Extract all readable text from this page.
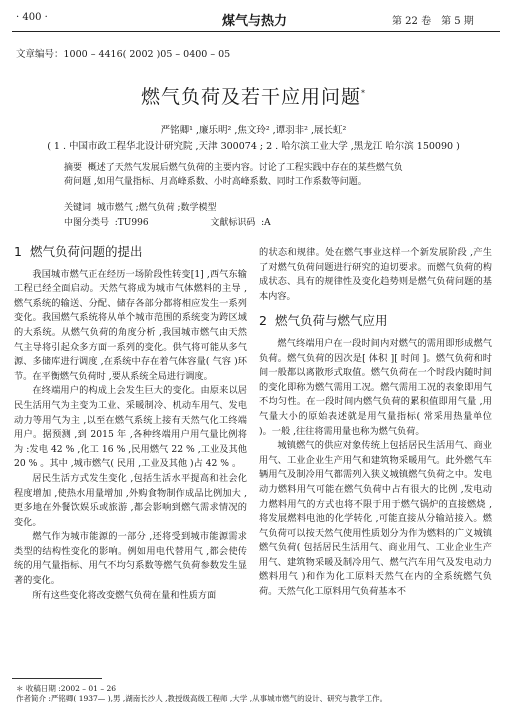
· 400 ·	煤气与热力	第 22 卷　第 5 期
文章编号：1000 – 4416( 2002 )05 – 0400 – 05
燃气负荷及若干应用问题*
严铭卿¹ ,廉乐明² ,焦文玲² ,谭羽非² ,展长虹²
( 1 . 中国市政工程华北设计研究院 ,天津 300074 ; 2 . 哈尔滨工业大学 ,黑龙江 哈尔滨 150090 )

摘要 概述了天然气发展后燃气负荷的主要内容。讨论了工程实践中存在的某些燃气负

荷问题 ,如用气量指标、月高峰系数、小时高峰系数、同时工作系数等问题。

关键词 城市燃气 ;燃气负荷 ;数学模型
中图分类号  :TU996	文献标识码  :A
1 燃气负荷问题的提出

我国城市燃气正在经历一场阶段性转变[1] ,西气东输工程已经全面启动。天然气将成为城市气体燃料的主导 ,燃气系统的输送、分配、储存各部分都将相应发生一系列变化。我国燃气系统将从单个城市范围的系统变为跨区域的大系统。从燃气负荷的角度分析 ,我国城市燃气由天然气主导将引起众多方面一系列的变化。供气将可能从多气源、多储库进行调度 ,在系统中存在着气体容量( 气容 )环节。在平衡燃气负荷时 ,要从系统全局进行调度。

在终端用户的构成上会发生巨大的变化。由原来以居民生活用气为主变为工业、采暖制冷、机动车用气、发电动力等用气为主 ,以至在燃气系统上接有天然气化工终端用户。据预测 ,到 2015 年 ,各种终端用户用气量比例将为 :发电 42 % ,化工 16 % ,民用燃气 22 % ,工业及其他 20 % 。其中 ,城市燃气( 民用 ,工业及其他 )占 42 % 。

居民生活方式发生变化 ,包括生活水平提高和社会化程度增加 ,使热水用量增加 ,外购食物制作成品比例加大 ,更多地在外餐饮娱乐或旅游 ,都会影响到燃气需求情况的变化。

燃气作为城市能源的一部分 ,还将受到城市能源需求类型的结构性变化的影响。例如用电代替用气 ,都会使传统的用气量指标、用气不均匀系数等燃气负荷参数发生显著的变化。

所有这些变化将改变燃气负荷在量和性质方面

的状态和规律。处在燃气事业这样一个新发展阶段 ,产生了对燃气负荷问题进行研究的迫切要求。而燃气负荷的构成状态、具有的规律性及变化趋势则是燃气负荷问题的基本内容。

2 燃气负荷与燃气应用

燃气终端用户在一段时间内对燃气的需用即形成燃气负荷。燃气负荷的因次是[ 体积 ][ 时间 ]。燃气负荷和时间一般都以离散形式取值。燃气负荷在一个时段内随时间的变化即称为燃气需用工况。燃气需用工况的表象即用气不均匀性。在一段时间内燃气负荷的累积值即用气量 ,用气量大小的原始表述就是用气量指标( 常采用热量单位 )。一般 ,往往将需用量也称为燃气负荷。

城镇燃气的供应对象传统上包括居民生活用气、商业用气、工业企业生产用气和建筑物采暖用气。此外燃气车辆用气及制冷用气都需列入狭义城镇燃气负荷之中。发电动力燃料用气可能在燃气负荷中占有很大的比例 ,发电动力燃料用气的方式也将不限于用于燃气锅炉的直接燃烧 ,将发展燃料电池的化学转化 ,可能直接从分输站接入。燃气负荷可以按天然气使用性质划分为作为燃料的广义城镇燃气负荷( 包括居民生活用气、商业用气、工业企业生产用气、建筑物采暖及制冷用气、燃气汽车用气及发电动力燃料用气 )和作为化工原料天然气在内的全系统燃气负荷。天然气化工原料用气负荷基本不

＊ 收稿日期 :2002 – 01 – 26
作者简介 :严铭卿( 1937— ),男 ,湖南长沙人 ,教授级高级工程师 ,大学 ,从事城市燃气的设计、研究与教学工作。
